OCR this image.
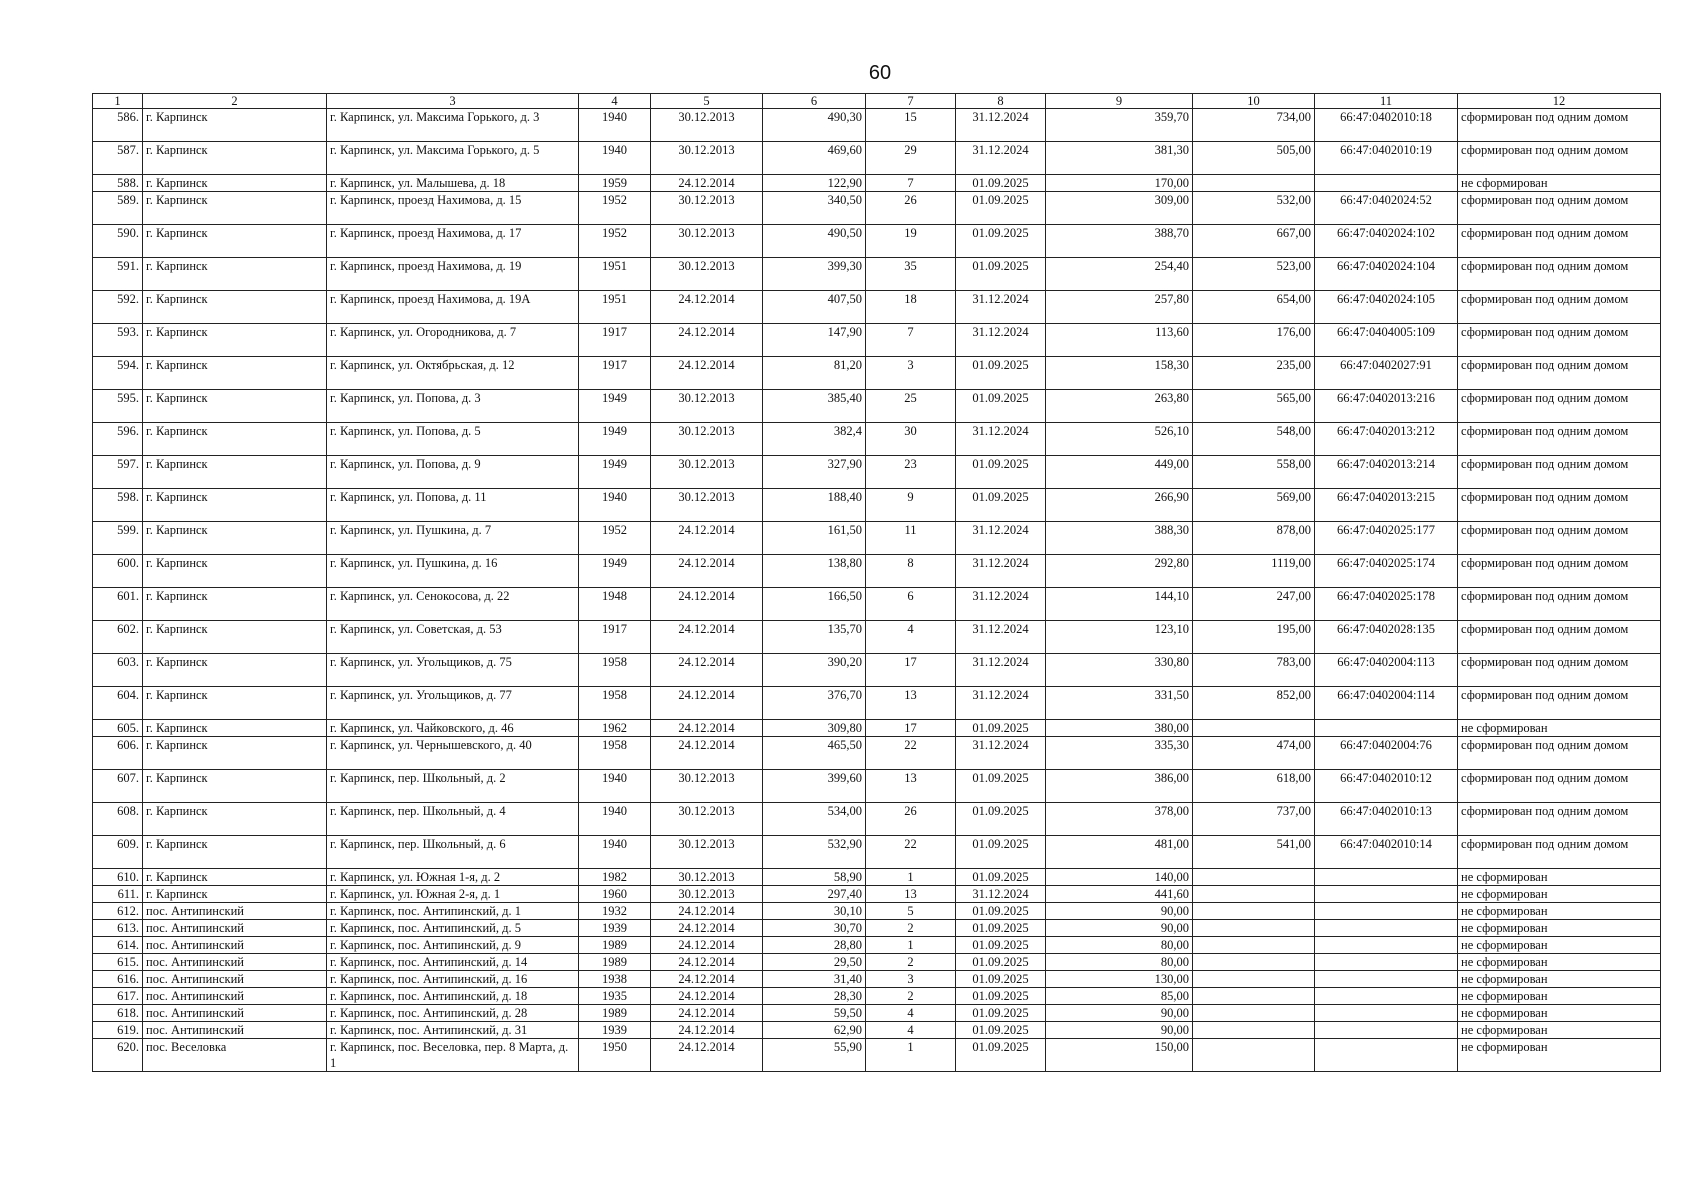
60
1	2	3	4	5	6	7	8	9	10	11	12
586.	г. Карпинск	г. Карпинск, ул. Максима Горького, д. 3	1940	30.12.2013	490,30	15	31.12.2024	359,70	734,00	66:47:0402010:18	сформирован под одним домом
587.	г. Карпинск	г. Карпинск, ул. Максима Горького, д. 5	1940	30.12.2013	469,60	29	31.12.2024	381,30	505,00	66:47:0402010:19	сформирован под одним домом
588.	г. Карпинск	г. Карпинск, ул. Малышева, д. 18	1959	24.12.2014	122,90	7	01.09.2025	170,00			не сформирован
589.	г. Карпинск	г. Карпинск, проезд Нахимова, д. 15	1952	30.12.2013	340,50	26	01.09.2025	309,00	532,00	66:47:0402024:52	сформирован под одним домом
590.	г. Карпинск	г. Карпинск, проезд Нахимова, д. 17	1952	30.12.2013	490,50	19	01.09.2025	388,70	667,00	66:47:0402024:102	сформирован под одним домом
591.	г. Карпинск	г. Карпинск, проезд Нахимова, д. 19	1951	30.12.2013	399,30	35	01.09.2025	254,40	523,00	66:47:0402024:104	сформирован под одним домом
592.	г. Карпинск	г. Карпинск, проезд Нахимова, д. 19А	1951	24.12.2014	407,50	18	31.12.2024	257,80	654,00	66:47:0402024:105	сформирован под одним домом
593.	г. Карпинск	г. Карпинск, ул. Огородникова, д. 7	1917	24.12.2014	147,90	7	31.12.2024	113,60	176,00	66:47:0404005:109	сформирован под одним домом
594.	г. Карпинск	г. Карпинск, ул. Октябрьская, д. 12	1917	24.12.2014	81,20	3	01.09.2025	158,30	235,00	66:47:0402027:91	сформирован под одним домом
595.	г. Карпинск	г. Карпинск, ул. Попова, д. 3	1949	30.12.2013	385,40	25	01.09.2025	263,80	565,00	66:47:0402013:216	сформирован под одним домом
596.	г. Карпинск	г. Карпинск, ул. Попова, д. 5	1949	30.12.2013	382,4	30	31.12.2024	526,10	548,00	66:47:0402013:212	сформирован под одним домом
597.	г. Карпинск	г. Карпинск, ул. Попова, д. 9	1949	30.12.2013	327,90	23	01.09.2025	449,00	558,00	66:47:0402013:214	сформирован под одним домом
598.	г. Карпинск	г. Карпинск, ул. Попова, д. 11	1940	30.12.2013	188,40	9	01.09.2025	266,90	569,00	66:47:0402013:215	сформирован под одним домом
599.	г. Карпинск	г. Карпинск, ул. Пушкина, д. 7	1952	24.12.2014	161,50	11	31.12.2024	388,30	878,00	66:47:0402025:177	сформирован под одним домом
600.	г. Карпинск	г. Карпинск, ул. Пушкина, д. 16	1949	24.12.2014	138,80	8	31.12.2024	292,80	1119,00	66:47:0402025:174	сформирован под одним домом
601.	г. Карпинск	г. Карпинск, ул. Сенокосова, д. 22	1948	24.12.2014	166,50	6	31.12.2024	144,10	247,00	66:47:0402025:178	сформирован под одним домом
602.	г. Карпинск	г. Карпинск, ул. Советская, д. 53	1917	24.12.2014	135,70	4	31.12.2024	123,10	195,00	66:47:0402028:135	сформирован под одним домом
603.	г. Карпинск	г. Карпинск, ул. Угольщиков, д. 75	1958	24.12.2014	390,20	17	31.12.2024	330,80	783,00	66:47:0402004:113	сформирован под одним домом
604.	г. Карпинск	г. Карпинск, ул. Угольщиков, д. 77	1958	24.12.2014	376,70	13	31.12.2024	331,50	852,00	66:47:0402004:114	сформирован под одним домом
605.	г. Карпинск	г. Карпинск, ул. Чайковского, д. 46	1962	24.12.2014	309,80	17	01.09.2025	380,00			не сформирован
606.	г. Карпинск	г. Карпинск, ул. Чернышевского, д. 40	1958	24.12.2014	465,50	22	31.12.2024	335,30	474,00	66:47:0402004:76	сформирован под одним домом
607.	г. Карпинск	г. Карпинск, пер. Школьный, д. 2	1940	30.12.2013	399,60	13	01.09.2025	386,00	618,00	66:47:0402010:12	сформирован под одним домом
608.	г. Карпинск	г. Карпинск, пер. Школьный, д. 4	1940	30.12.2013	534,00	26	01.09.2025	378,00	737,00	66:47:0402010:13	сформирован под одним домом
609.	г. Карпинск	г. Карпинск, пер. Школьный, д. 6	1940	30.12.2013	532,90	22	01.09.2025	481,00	541,00	66:47:0402010:14	сформирован под одним домом
610.	г. Карпинск	г. Карпинск, ул. Южная 1-я, д. 2	1982	30.12.2013	58,90	1	01.09.2025	140,00			не сформирован
611.	г. Карпинск	г. Карпинск, ул. Южная 2-я, д. 1	1960	30.12.2013	297,40	13	31.12.2024	441,60			не сформирован
612.	пос. Антипинский	г. Карпинск, пос. Антипинский, д. 1	1932	24.12.2014	30,10	5	01.09.2025	90,00			не сформирован
613.	пос. Антипинский	г. Карпинск, пос. Антипинский, д. 5	1939	24.12.2014	30,70	2	01.09.2025	90,00			не сформирован
614.	пос. Антипинский	г. Карпинск, пос. Антипинский, д. 9	1989	24.12.2014	28,80	1	01.09.2025	80,00			не сформирован
615.	пос. Антипинский	г. Карпинск, пос. Антипинский, д. 14	1989	24.12.2014	29,50	2	01.09.2025	80,00			не сформирован
616.	пос. Антипинский	г. Карпинск, пос. Антипинский, д. 16	1938	24.12.2014	31,40	3	01.09.2025	130,00			не сформирован
617.	пос. Антипинский	г. Карпинск, пос. Антипинский, д. 18	1935	24.12.2014	28,30	2	01.09.2025	85,00			не сформирован
618.	пос. Антипинский	г. Карпинск, пос. Антипинский, д. 28	1989	24.12.2014	59,50	4	01.09.2025	90,00			не сформирован
619.	пос. Антипинский	г. Карпинск, пос. Антипинский, д. 31	1939	24.12.2014	62,90	4	01.09.2025	90,00			не сформирован
620.	пос. Веселовка	г. Карпинск, пос. Веселовка, пер. 8 Марта, д. 1	1950	24.12.2014	55,90	1	01.09.2025	150,00			не сформирован
